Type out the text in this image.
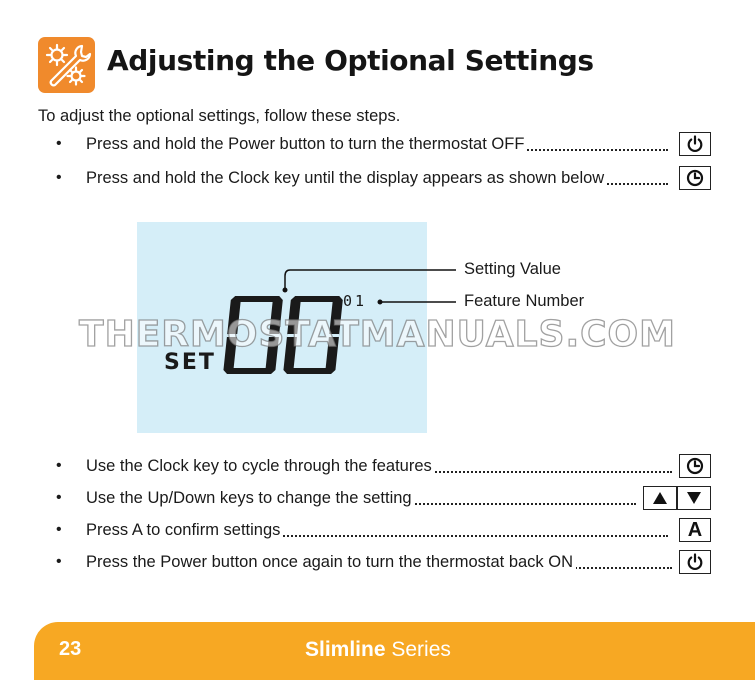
Adjusting the Optional Settings
To adjust the optional settings, follow these steps.
• Press and hold the Power button to turn the thermostat OFF
• Press and hold the Clock key until the display appears as shown below
SET
01
Setting Value
Feature Number
THERMOSTATMANUALS.COM
• Use the Clock key to cycle through the features
• Use the Up/Down keys to change the setting
• Press A to confirm settings	A
• Press the Power button once again to turn the thermostat back ON
23	Slimline Series
